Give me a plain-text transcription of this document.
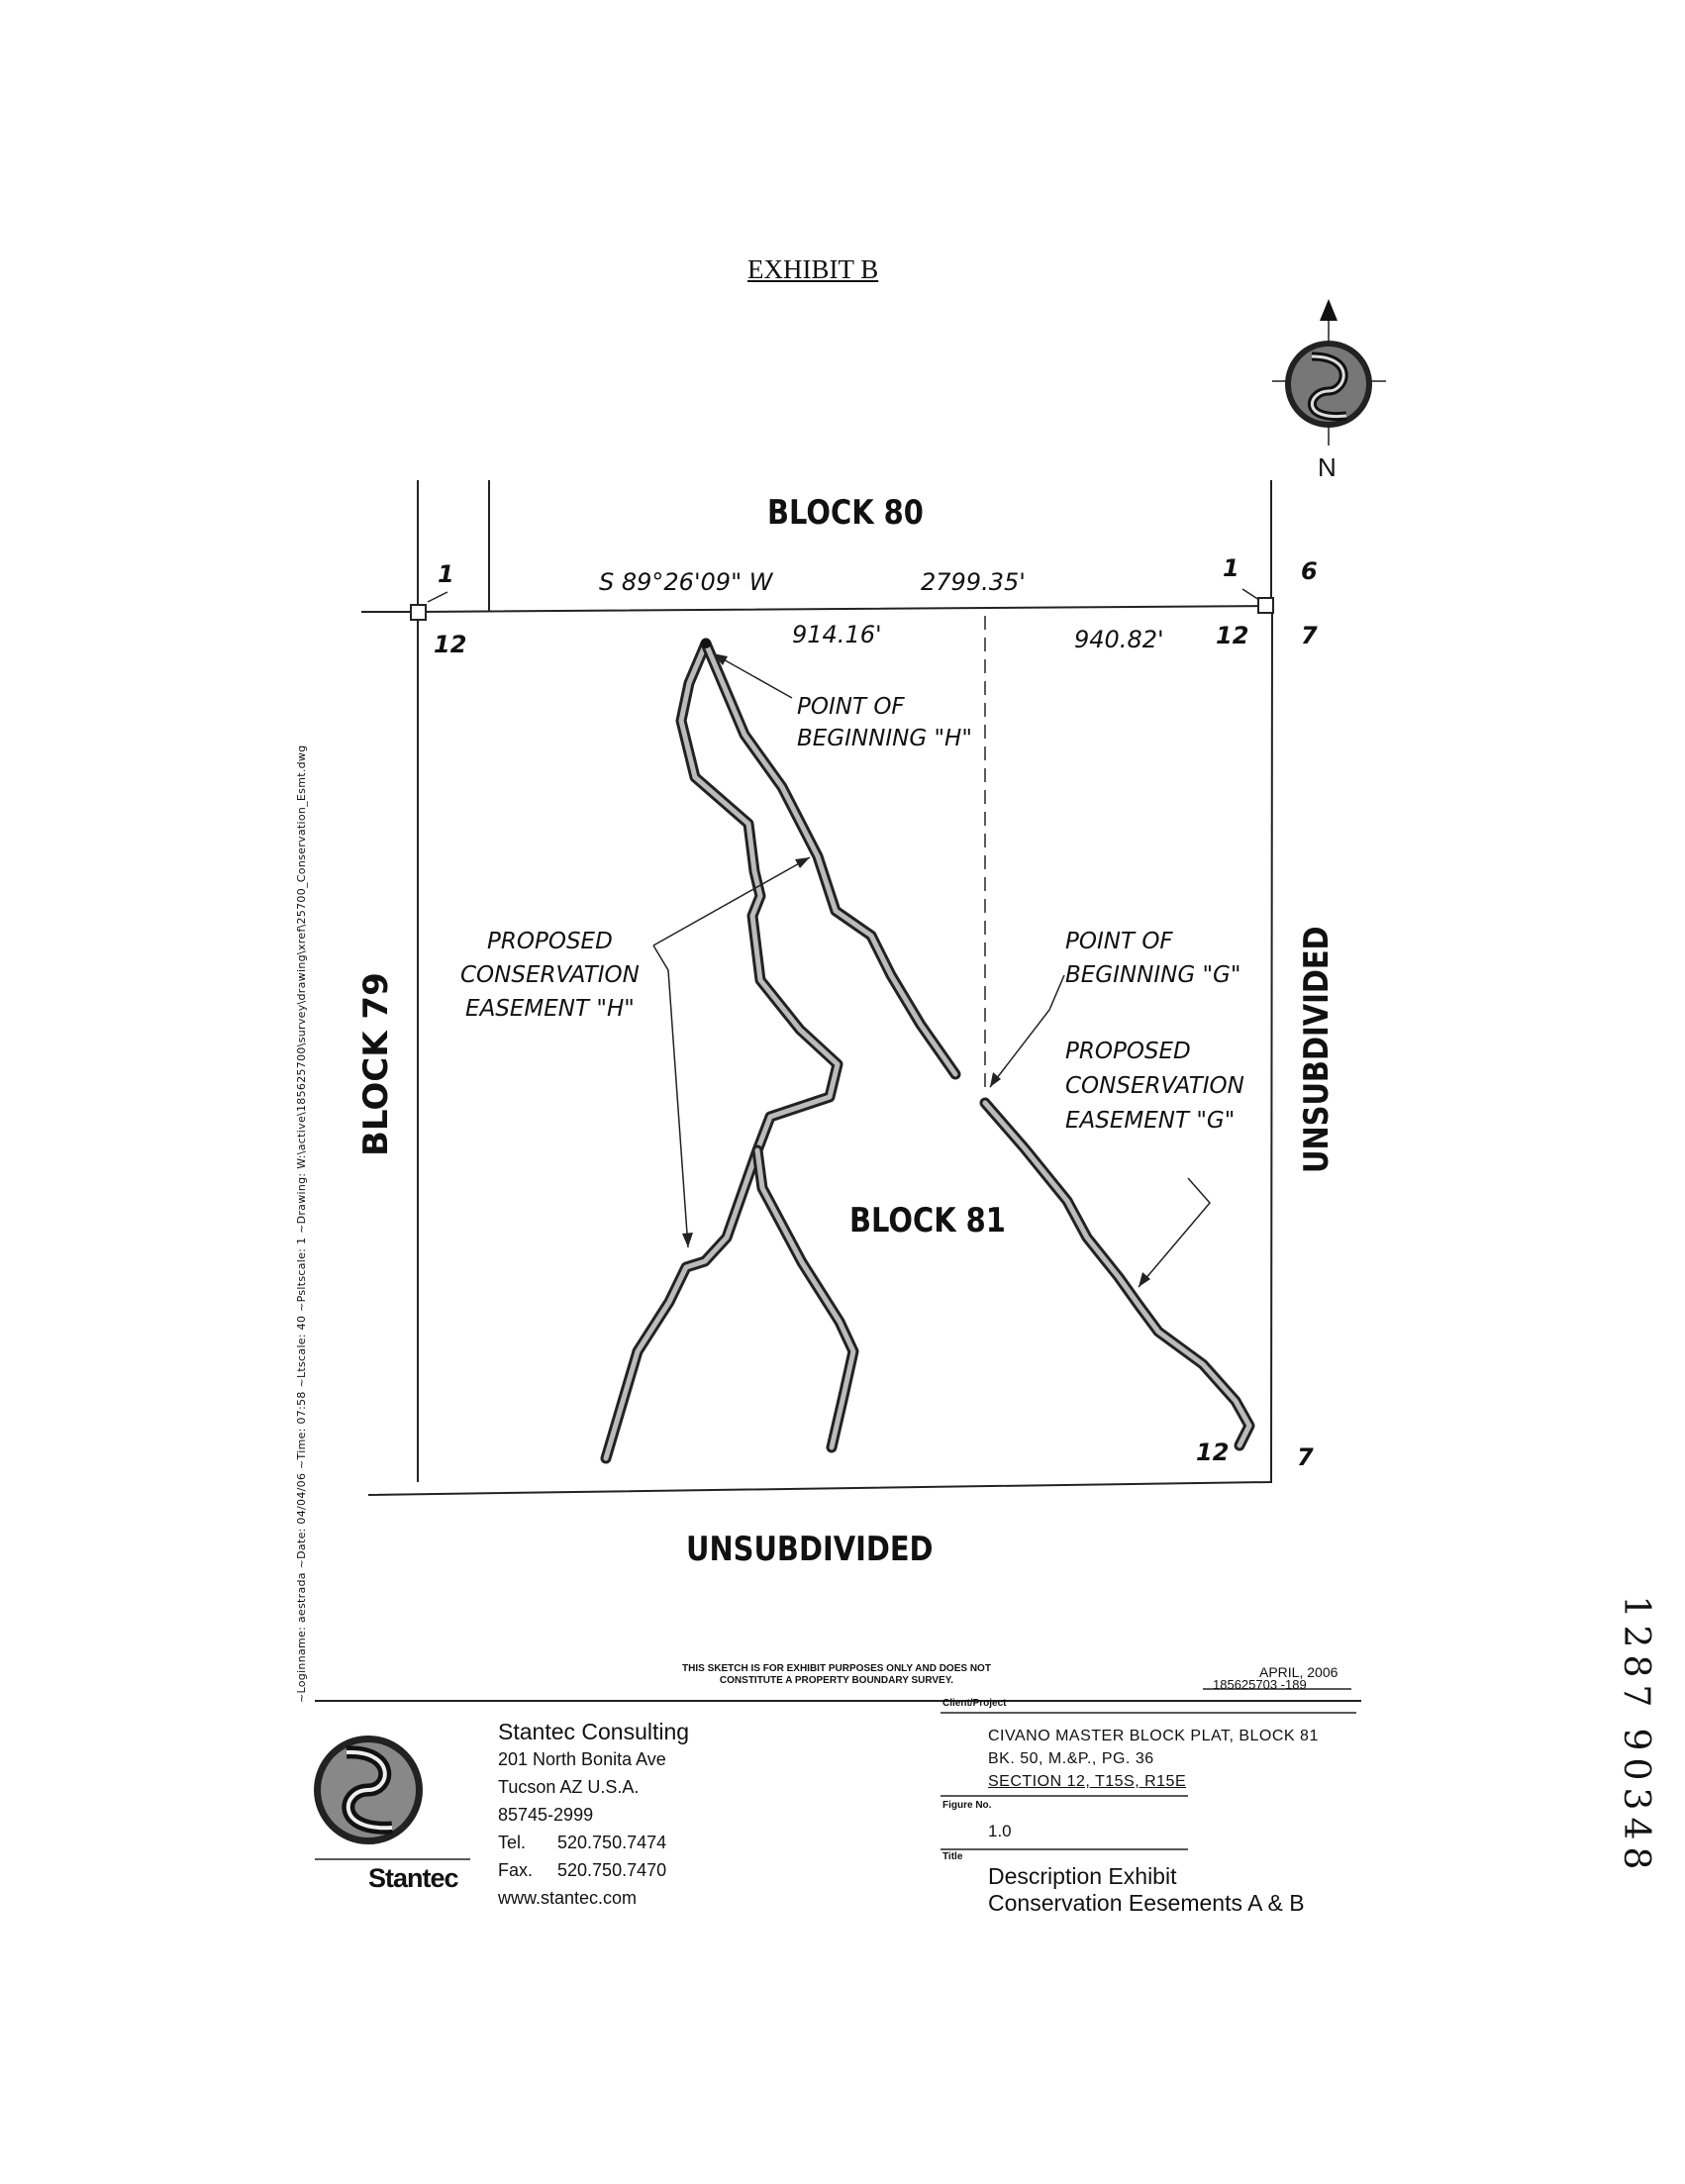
EXHIBIT B
N
BLOCK 80
BLOCK 81
BLOCK 79	UNSUBDIVIDED
UNSUBDIVIDED
S 89°26'09" W	2799.35'
914.16'	940.82'
1
12
1	6
12 7
12	7
POINT OF
BEGINNING "H"
PROPOSED
CONSERVATION
EASEMENT "H"
POINT OF
BEGINNING "G"
PROPOSED
CONSERVATION
EASEMENT "G"
~Loginname: aestrada ~Date: 04/04/06 ~Time: 07:58 ~Ltscale: 40 ~Psltscale: 1 ~Drawing: W:\active\185625700\survey\drawing\xref\25700_Conservation_Esmt.dwg	1
2
8
7
9
0
3
4
8
THIS SKETCH IS FOR EXHIBIT PURPOSES ONLY AND DOES NOT
CONSTITUTE A PROPERTY BOUNDARY SURVEY.
APRIL, 2006
185625703 -189
Stantec Consulting
201 North Bonita Ave
Tucson AZ U.S.A.
85745-2999
Tel. 520.750.7474
Fax. 520.750.7470
www.stantec.com
Stantec
Client/Project
CIVANO MASTER BLOCK PLAT, BLOCK 81
BK. 50, M.&P., PG. 36
SECTION 12, T15S, R15E
Figure No.
1.0
Title
Description Exhibit
Conservation Eesements A & B
